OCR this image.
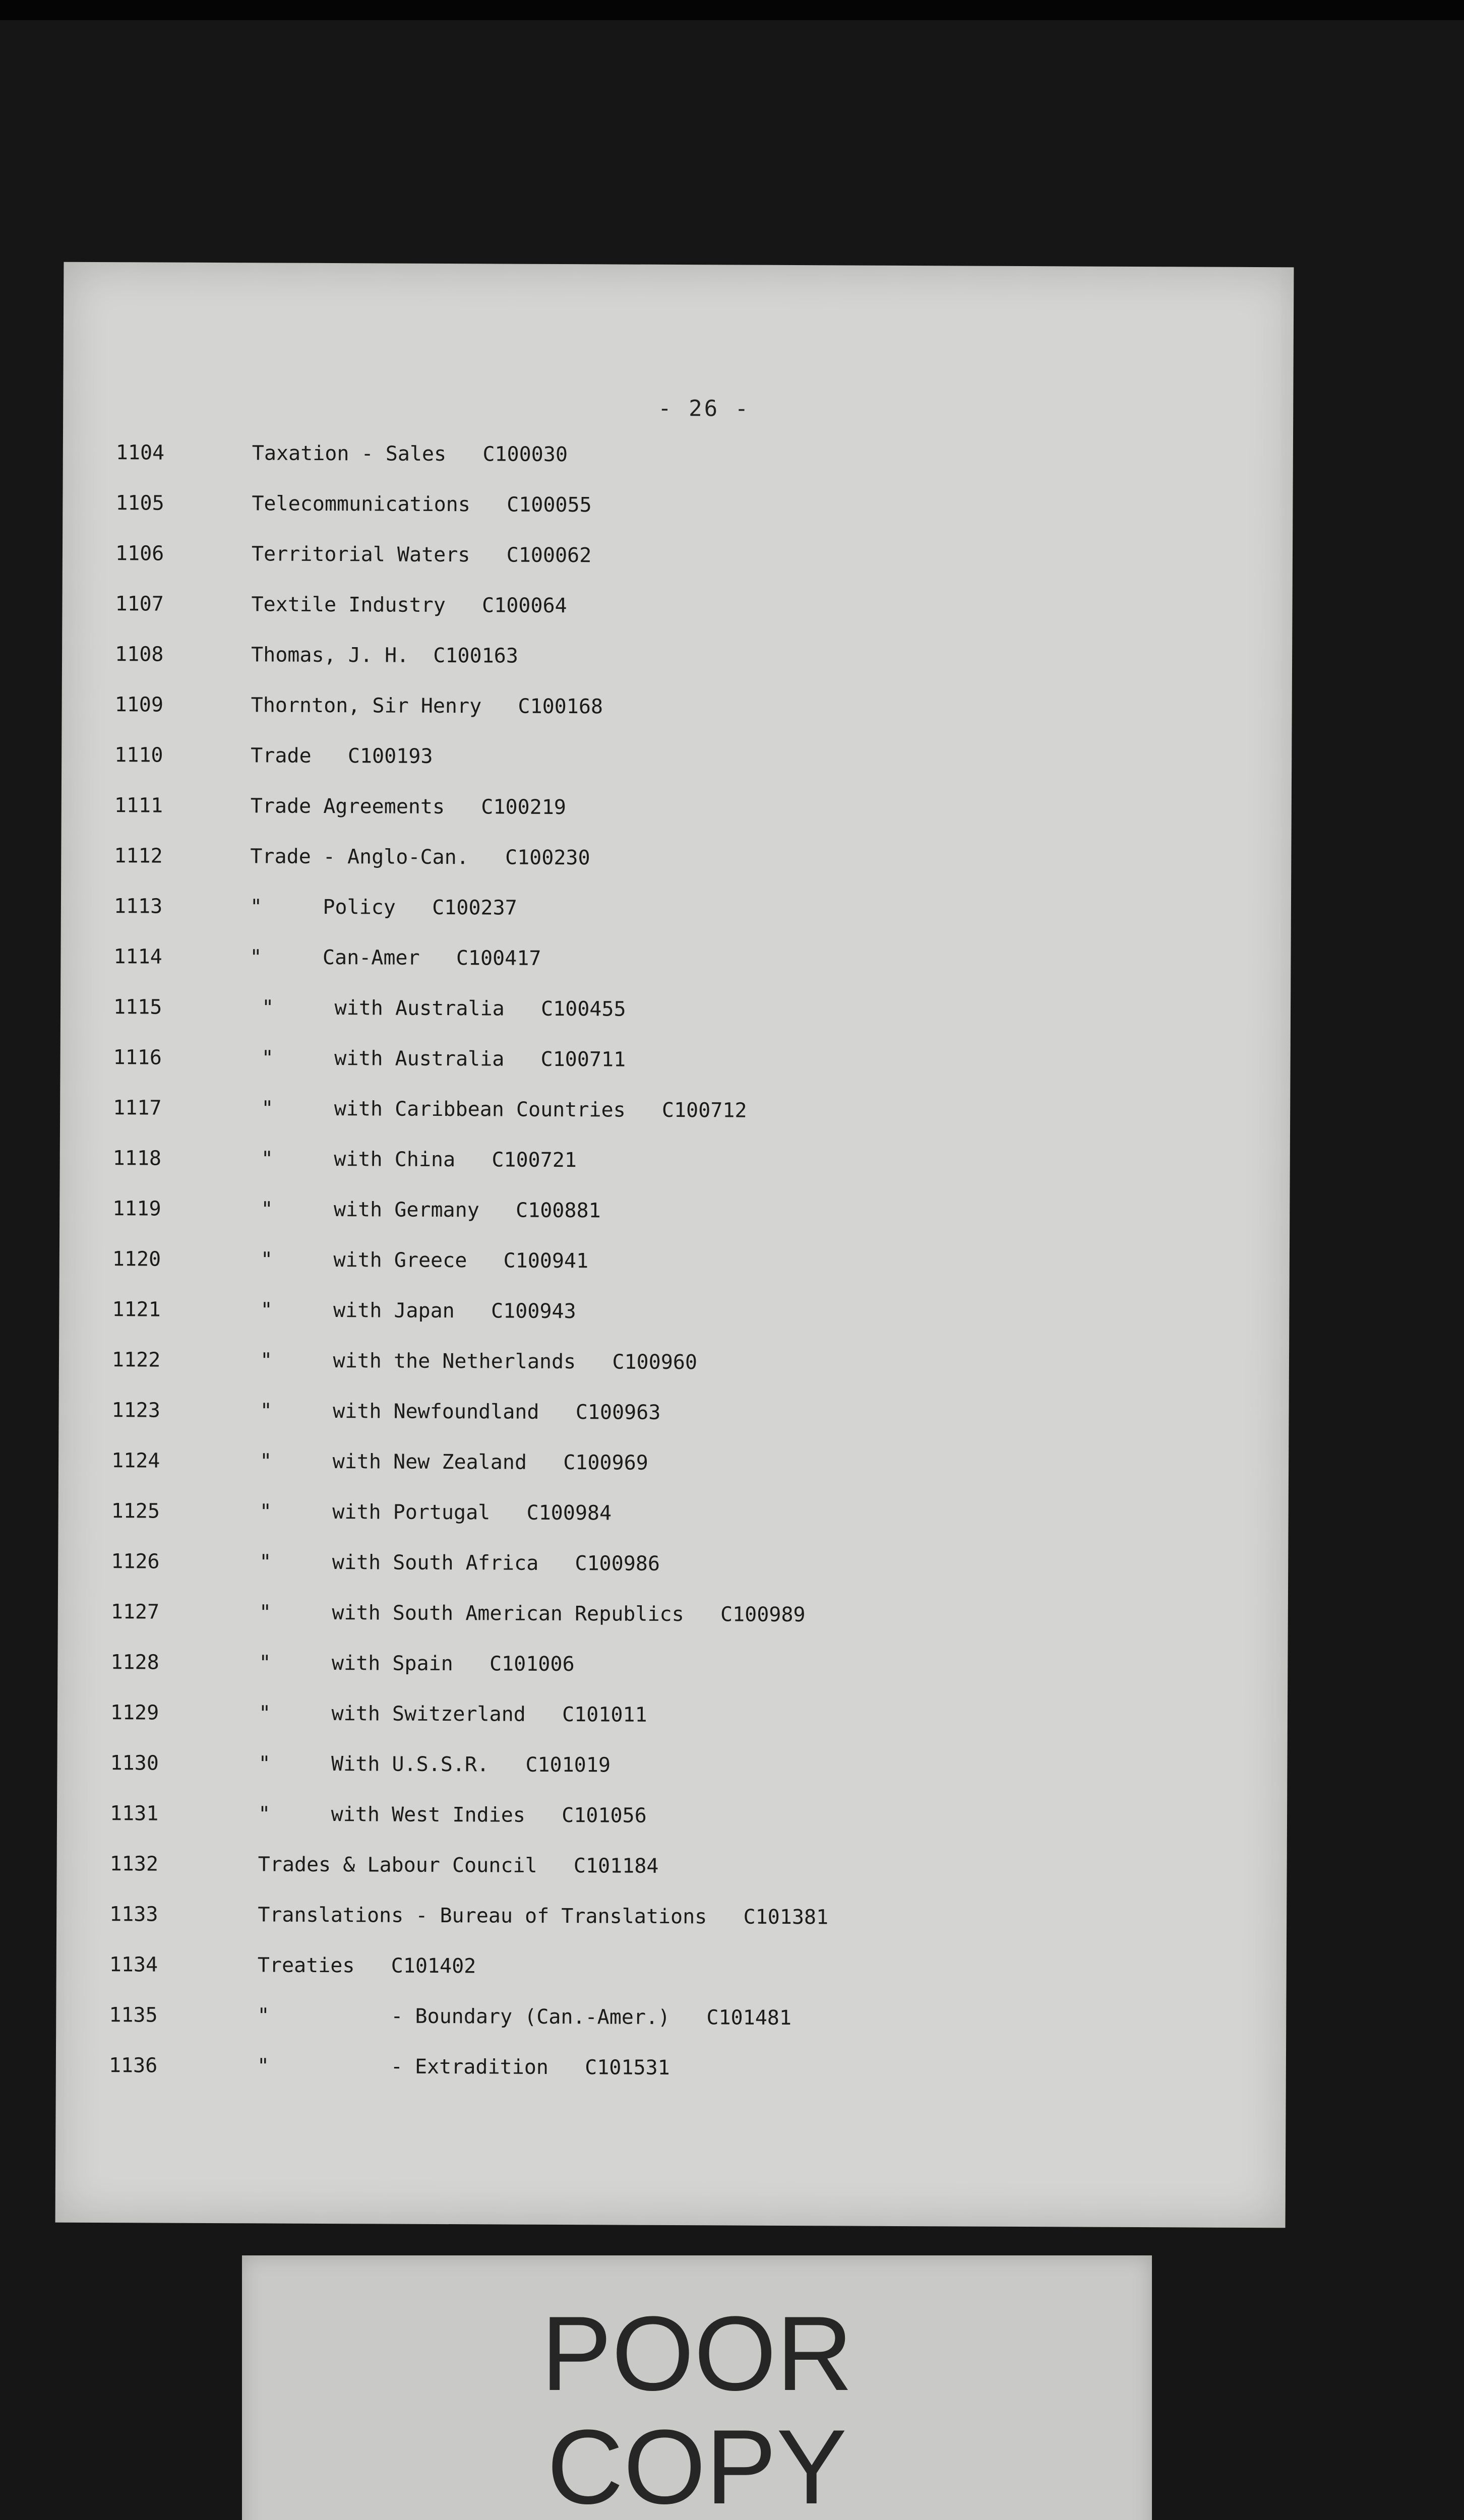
- 26 -
1104	Taxation - Sales   C100030
1105	Telecommunications   C100055
1106	Territorial Waters   C100062
1107	Textile Industry   C100064
1108	Thomas, J. H.  C100163
1109	Thornton, Sir Henry   C100168
1110	Trade   C100193
1111	Trade Agreements   C100219
1112	Trade - Anglo-Can.   C100230
1113	"     Policy   C100237
1114	"     Can-Amer   C100417
1115	"     with Australia   C100455
1116	"     with Australia   C100711
1117	"     with Caribbean Countries   C100712
1118	"     with China   C100721
1119	"     with Germany   C100881
1120	"     with Greece   C100941
1121	"     with Japan   C100943
1122	"     with the Netherlands   C100960
1123	"     with Newfoundland   C100963
1124	"     with New Zealand   C100969
1125	"     with Portugal   C100984
1126	"     with South Africa   C100986
1127	"     with South American Republics   C100989
1128	"     with Spain   C101006
1129	"     with Switzerland   C101011
1130	"     With U.S.S.R.   C101019
1131	"     with West Indies   C101056
1132	Trades & Labour Council   C101184
1133	Translations - Bureau of Translations   C101381
1134	Treaties   C101402
1135	"          - Boundary (Can.-Amer.)   C101481
1136	"          - Extradition   C101531
POOR
COPY
